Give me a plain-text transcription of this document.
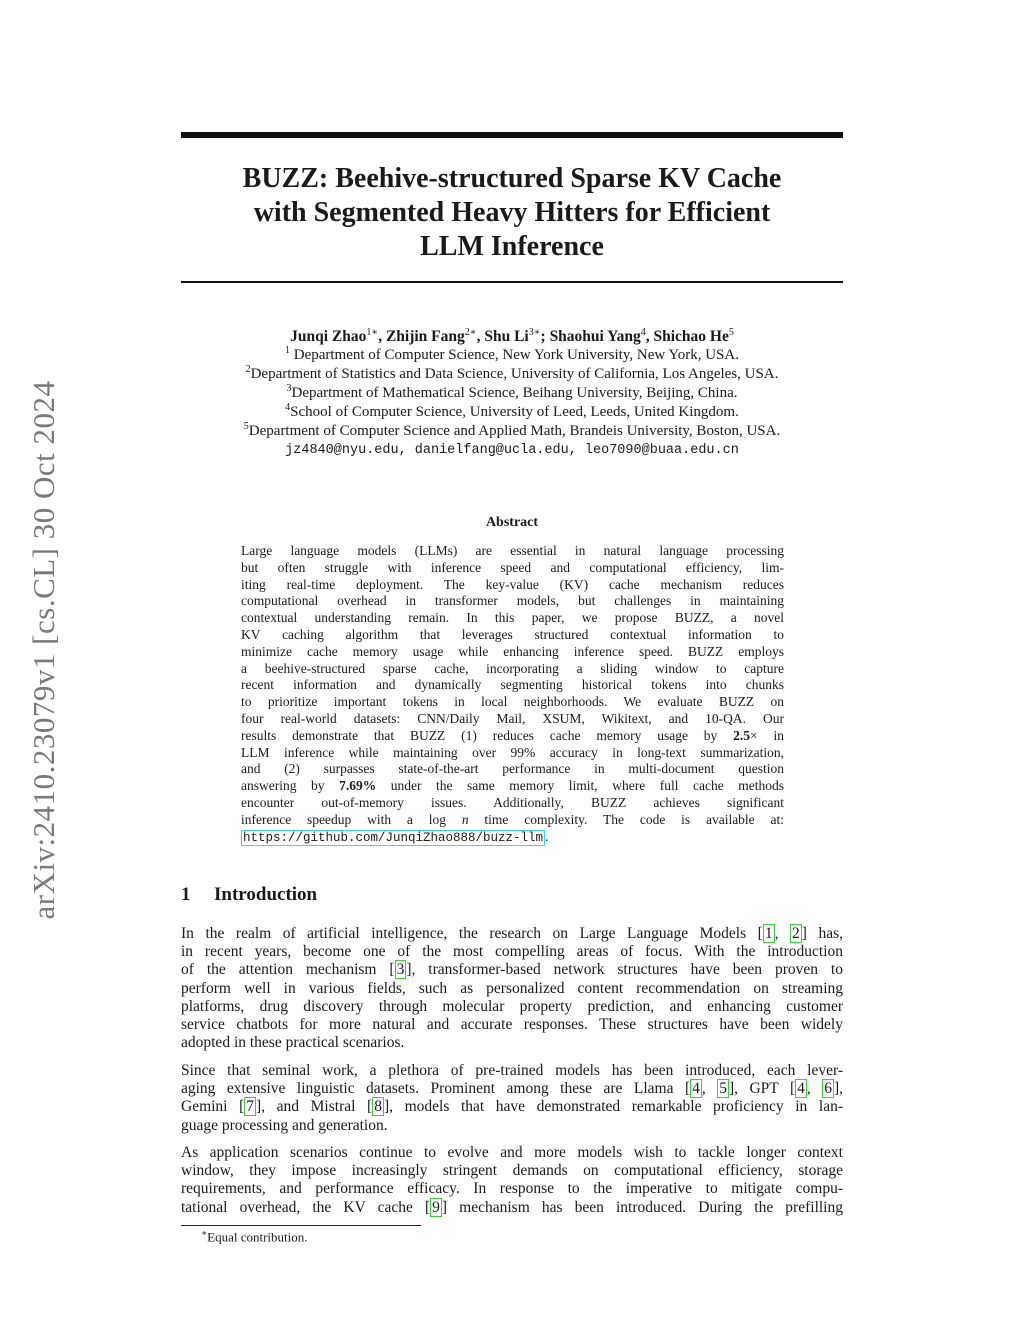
arXiv:2410.23079v1 [cs.CL] 30 Oct 2024
BUZZ: Beehive-structured Sparse KV Cache
with Segmented Heavy Hitters for Efficient
LLM Inference
Junqi Zhao$^{1∗}$, Zhijin Fang$^{2∗}$, Shu $Li^{3∗}$; Shaohui Yang$^4$, Shichao He$^5$
$^1$ Department of Computer Science, New York University, New York, USA.
$^2$Department of Statistics and Data Science, University of California, Los Angeles, USA.
$^3$Department of Mathematical Science, Beihang University, Beijing, China.
$^4$School of Computer Science, University of Leed, Leeds, United Kingdom.
$^5$Department of Computer Science and Applied Math, Brandeis University, Boston, USA.
jz4840@nyu.edu, danielfang@ucla.edu, leo7090@buaa.edu.cn
Abstract
Large language models (LLMs) are essential in natural language processing
but often struggle with inference speed and computational efficiency, lim-
iting real-time deployment. The key-value (KV) cache mechanism reduces
computational overhead in transformer models, but challenges in maintaining
contextual understanding remain. In this paper, we propose BUZZ, a novel
KV caching algorithm that leverages structured contextual information to
minimize cache memory usage while enhancing inference speed. BUZZ employs
a beehive-structured sparse cache, incorporating a sliding window to capture
recent information and dynamically segmenting historical tokens into chunks
to prioritize important tokens in local neighborhoods. We evaluate BUZZ on
four real-world datasets: CNN/Daily Mail, XSUM, Wikitext, and 10-QA. Our
results demonstrate that BUZZ (1) reduces cache memory usage by 2.5× in
LLM inference while maintaining over 99% accuracy in long-text summarization,
and (2) surpasses state-of-the-art performance in multi-document question
answering by 7.69% under the same memory limit, where full cache methods
encounter out-of-memory issues. Additionally, BUZZ achieves significant
inference speedup with a log n time complexity. The code is available at:
https://github.com/JunqiZhao888/buzz-llm .
1 Introduction
In the realm of artificial intelligence, the research on Large Language Models [ 1 , 2 ] has,
in recent years, become one of the most compelling areas of focus. With the introduction
of the attention mechanism [ 3 ], transformer-based network structures have been proven to
perform well in various fields, such as personalized content recommendation on streaming
platforms, drug discovery through molecular property prediction, and enhancing customer
service chatbots for more natural and accurate responses. These structures have been widely
adopted in these practical scenarios.
Since that seminal work, a plethora of pre-trained models has been introduced, each lever-
aging extensive linguistic datasets. Prominent among these are Llama [ 4 , 5 ], GPT [ 4 , 6 ],
Gemini [ 7 ], and Mistral [ 8 ], models that have demonstrated remarkable proficiency in lan-
guage processing and generation.
As application scenarios continue to evolve and more models wish to tackle longer context
window, they impose increasingly stringent demands on computational efficiency, storage
requirements, and performance efficacy. In response to the imperative to mitigate compu-
tational overhead, the KV cache [ 9 ] mechanism has been introduced. During the prefilling
∗Equal contribution.
